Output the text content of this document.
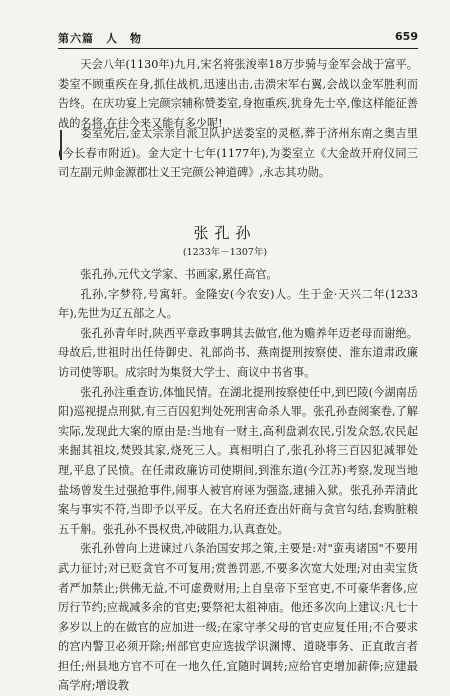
第六篇　人　物	659

天会八年(1130年)九月,宋名将张浚率18万步骑与金军会战于富平。娄室不顾重疾在身,抓住战机,迅速出击,击溃宋军右翼,会战以金军胜利而告终。在庆功宴上完颜宗辅称赞娄室,身抱重疾,犹身先士卒,像这样能征善战的名将,在往今来又能有多少呢!

娄室死后,金太宗亲自派卫队护送娄室的灵柩,葬于济州东南之奥吉里(今长春市附近)。金大定十七年(1177年),为娄室立《大金故开府仪同三司左副元帅金源郡壮义王完颜公神道碑》,永志其功勋。

张孔孙
(1233年－1307年)

张孔孙,元代文学家、书画家,累任高官。

孔孙,字梦符,号寓轩。金隆安(今农安)人。生于金·天兴二年(1233年),先世为辽五部之人。

张孔孙青年时,陕西平章政事聘其去做官,他为赡养年迈老母而谢绝。母故后,世祖时出任侍御史、礼部尚书、燕南提刑按察使、淮东道肃政廉访司使等职。成宗时为集贤大学士、商议中书省事。

张孔孙注重查访,体恤民情。在湖北提刑按察使任中,到巴陵(今湖南岳阳)巡视提点刑狱,有三百囚犯判处死刑害命杀人罪。张孔孙查阅案卷,了解实际,发现此大案的原由是:当地有一财主,高利盘剥农民,引发众怒,农民起来掘其祖坟,焚毁其家,烧死三人。真相明白了,张孔孙将三百囚犯减罪处理,平息了民愤。在任肃政廉访司使期间,到淮东道(今江苏)考察,发现当地盐场曾发生过强抢事件,闹事人被官府诬为强盗,逮捕入狱。张孔孙弄清此案与事实不符,当即予以平反。在大名府还查出奸商与贪官勾结,套购脏粮五千斛。张孔孙不畏权贵,冲破阻力,认真查处。

张孔孙曾向上进谏过八条治国安邦之策,主要是:对"蛮夷诸国"不要用武力征讨;对已贬贪官不可复用;赏善罚恶,不要多次宽大处理;对由卖宝货者严加禁止;供佛无益,不可虚费财用;上自皇帝下至官吏,不可豪华奢侈,应厉行节约;应裁减多余的官吏;要祭祀太祖神庙。他还多次向上建议:凡七十多岁以上的在做官的应加进一级;在家守孝父母的官吏应复任用;不合要求的宫内警卫必须开除;州部官吏应选拔学识渊博、道晓事务、正直敢言者担任;州县地方官不可在一地久任,宜随时调转;应给官吏增加薪俸;应建最高学府;增设教
